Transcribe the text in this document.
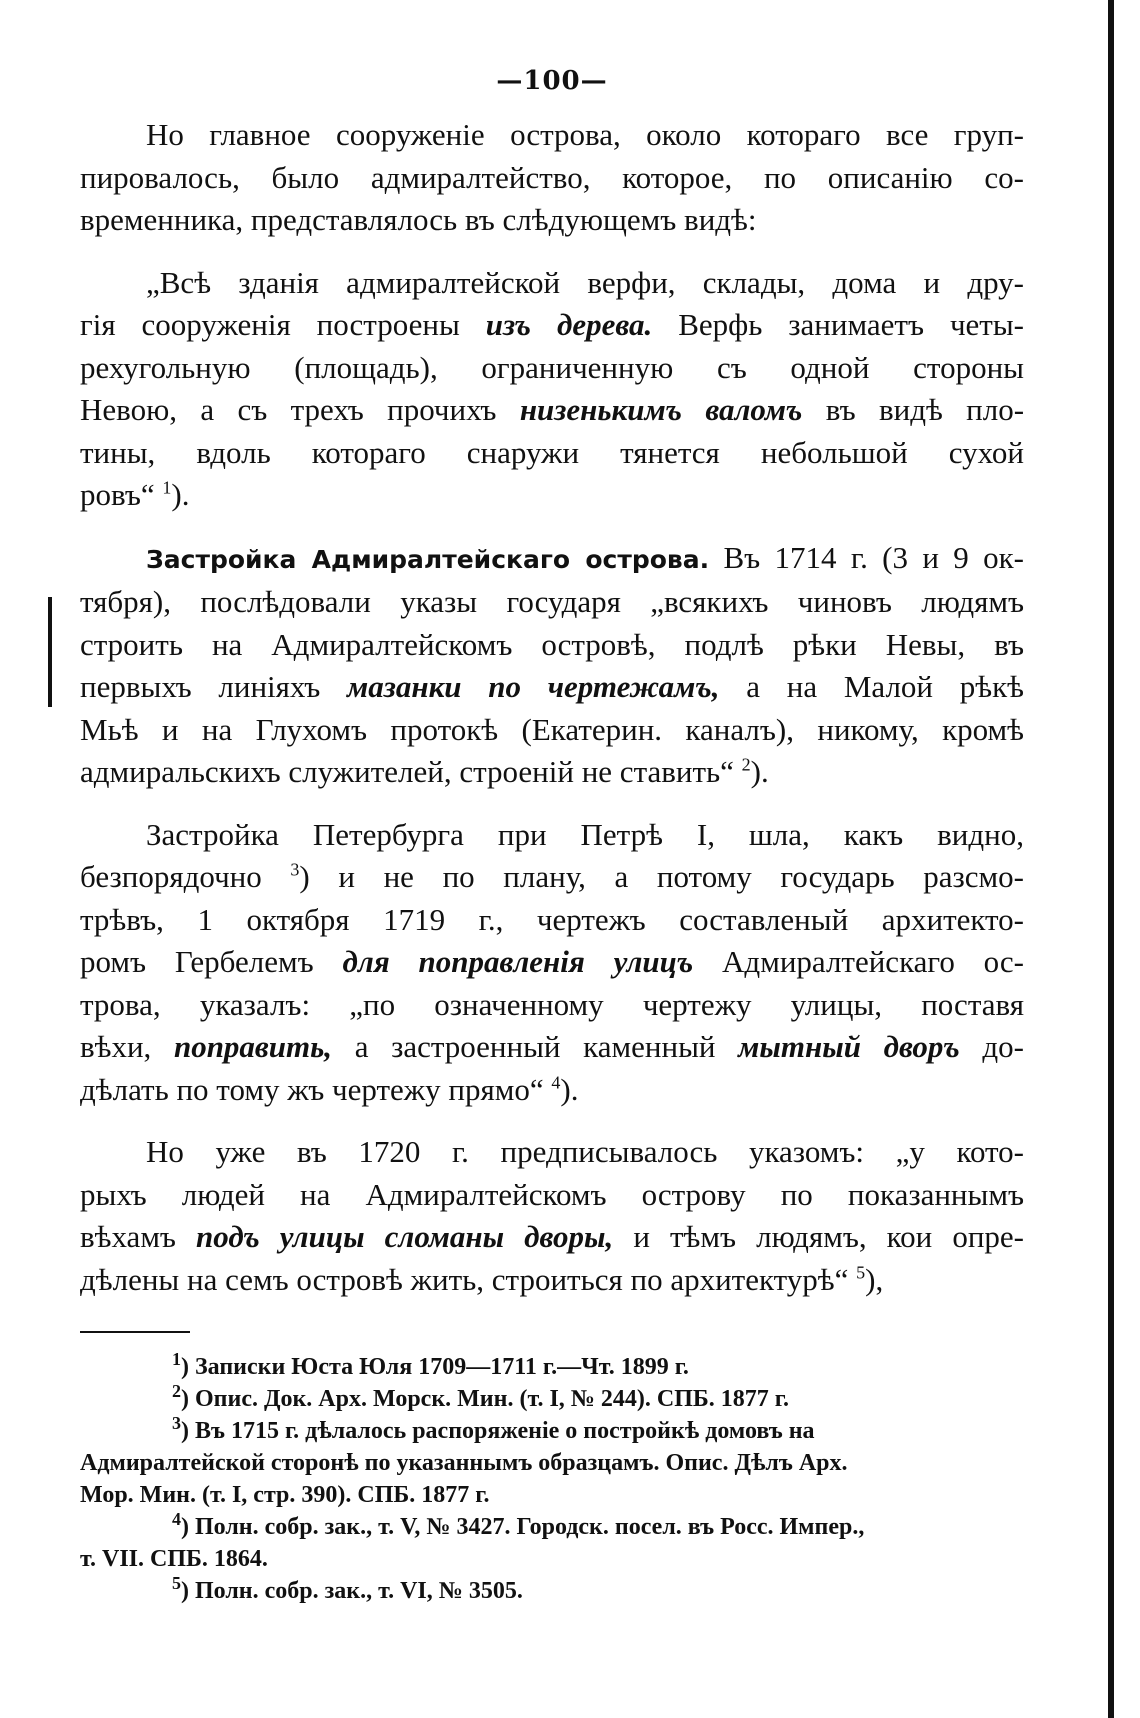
—100—
Но главное сооруженіе острова, около котораго все груп-
пировалось, было адмиралтейство, которое, по описанію со-
временника, представлялось въ слѣдующемъ видѣ:
„Всѣ зданія адмиралтейской верфи, склады, дома и дру-
гія сооруженія построены изъ дерева. Верфь занимаетъ четы-
рехугольную (площадь), ограниченную съ одной стороны
Невою, а съ трехъ прочихъ низенькимъ валомъ въ видѣ пло-
тины, вдоль котораго снаружи тянется небольшой сухой
ровъ“ $^1$).
Застройка Адмиралтейскаго острова. Въ 1714 г. (3 и 9 ок-
тября), послѣдовали указы государя „всякихъ чиновъ людямъ
строить на Адмиралтейскомъ островѣ, подлѣ рѣки Невы, въ
первыхъ линіяхъ мазанки по чертежамъ, а на Малой рѣкѣ
Мьѣ и на Глухомъ протокѣ (Екатерин. каналъ), никому, кромѣ
адмиральскихъ служителей, строеній не ставить“ $^2$).
Застройка Петербурга при Петрѣ I, шла, какъ видно,
безпорядочно $^3$) и не по плану, а потому государь разсмо-
трѣвъ, 1 октября 1719 г., чертежъ составленый архитекто-
ромъ Гербелемъ для поправленія улицъ Адмиралтейскаго ос-
трова, указалъ: „по означенному чертежу улицы, поставя
вѣхи, поправить, а застроенный каменный мытный дворъ до-
дѣлать по тому жъ чертежу прямо“ $^4$).
Но уже въ 1720 г. предписывалось указомъ: „у кото-
рыхъ людей на Адмиралтейскомъ острову по показаннымъ
вѣхамъ подъ улицы сломаны дворы, и тѣмъ людямъ, кои опре-
дѣлены на семъ островѣ жить, строиться по архитектурѣ“ $^5$),
$^1$) Записки Юста Юля 1709—1711 г.—Чт. 1899 г.
$^2$) Опис. Док. Арх. Морск. Мин. (т. I, № 244). СПБ. 1877 г.
$^3$) Въ 1715 г. дѣлалось распоряженіе о постройкѣ домовъ на
Адмиралтейской сторонѣ по указаннымъ образцамъ. Опис. Дѣлъ Арх.
Мор. Мин. (т. I, стр. 390). СПБ. 1877 г.
$^4$) Полн. собр. зак., т. V, № 3427. Городск. посел. въ Росс. Импер.,
т. VII. СПБ. 1864.
$^5$) Полн. собр. зак., т. VI, № 3505.
